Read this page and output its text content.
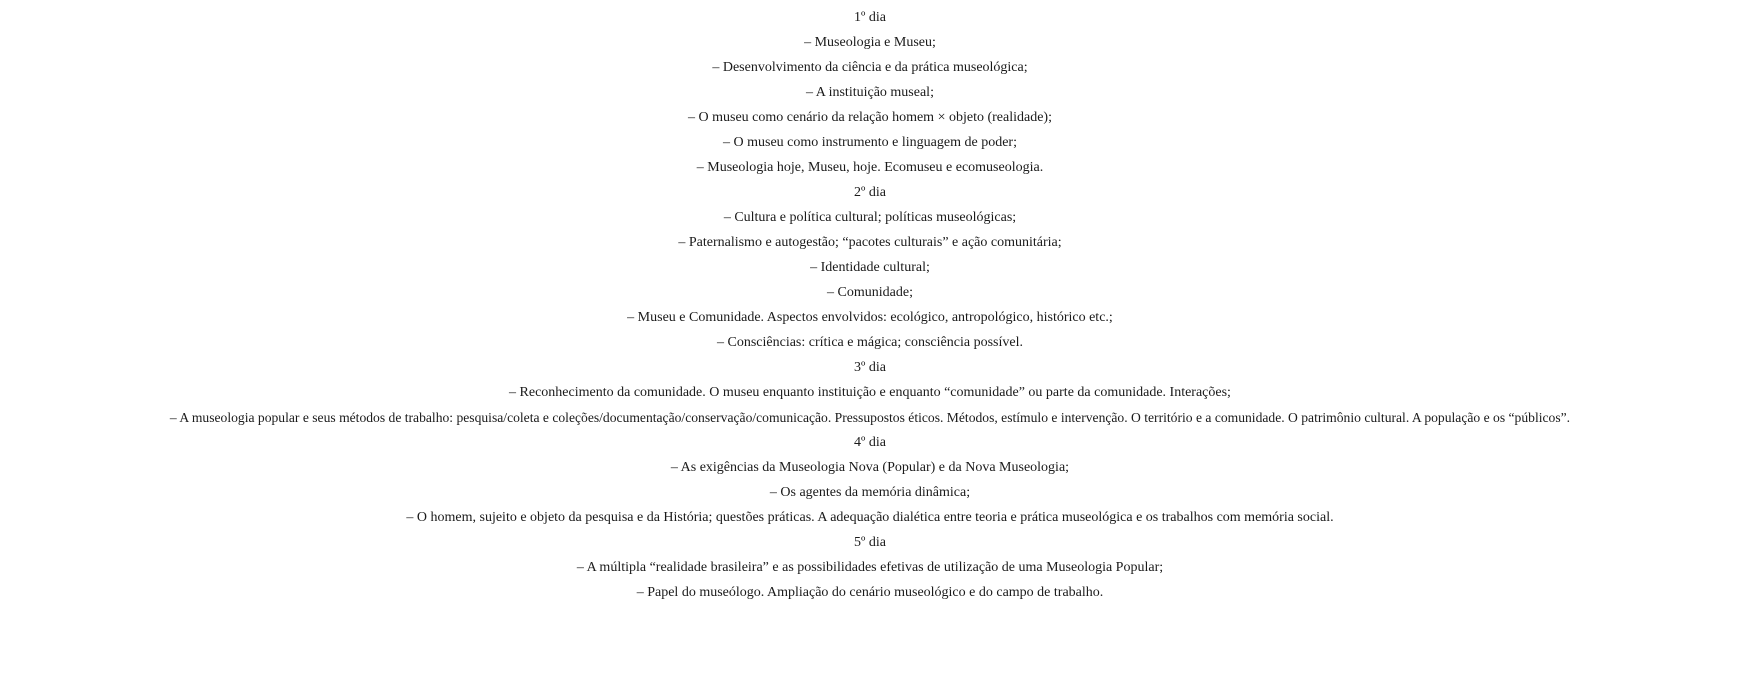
1º dia
– Museologia e Museu;
– Desenvolvimento da ciência e da prática museológica;
– A instituição museal;
– O museu como cenário da relação homem × objeto (realidade);
– O museu como instrumento e linguagem de poder;
– Museologia hoje, Museu, hoje. Ecomuseu e ecomuseologia.
2º dia
– Cultura e política cultural; políticas museológicas;
– Paternalismo e autogestão; “pacotes culturais” e ação comunitária;
– Identidade cultural;
– Comunidade;
– Museu e Comunidade. Aspectos envolvidos: ecológico, antropológico, histórico etc.;
– Consciências: crítica e mágica; consciência possível.
3º dia
– Reconhecimento da comunidade. O museu enquanto instituição e enquanto “comunidade” ou parte da comunidade. Interações;
– A museologia popular e seus métodos de trabalho: pesquisa/coleta e coleções/documentação/conservação/comunicação. Pressupostos éticos. Métodos, estímulo e intervenção. O território e a comunidade. O patrimônio cultural. A população e os “públicos”.
4º dia
– As exigências da Museologia Nova (Popular) e da Nova Museologia;
– Os agentes da memória dinâmica;
– O homem, sujeito e objeto da pesquisa e da História; questões práticas. A adequação dialética entre teoria e prática museológica e os trabalhos com memória social.
5º dia
– A múltipla “realidade brasileira” e as possibilidades efetivas de utilização de uma Museologia Popular;
– Papel do museólogo. Ampliação do cenário museológico e do campo de trabalho.
